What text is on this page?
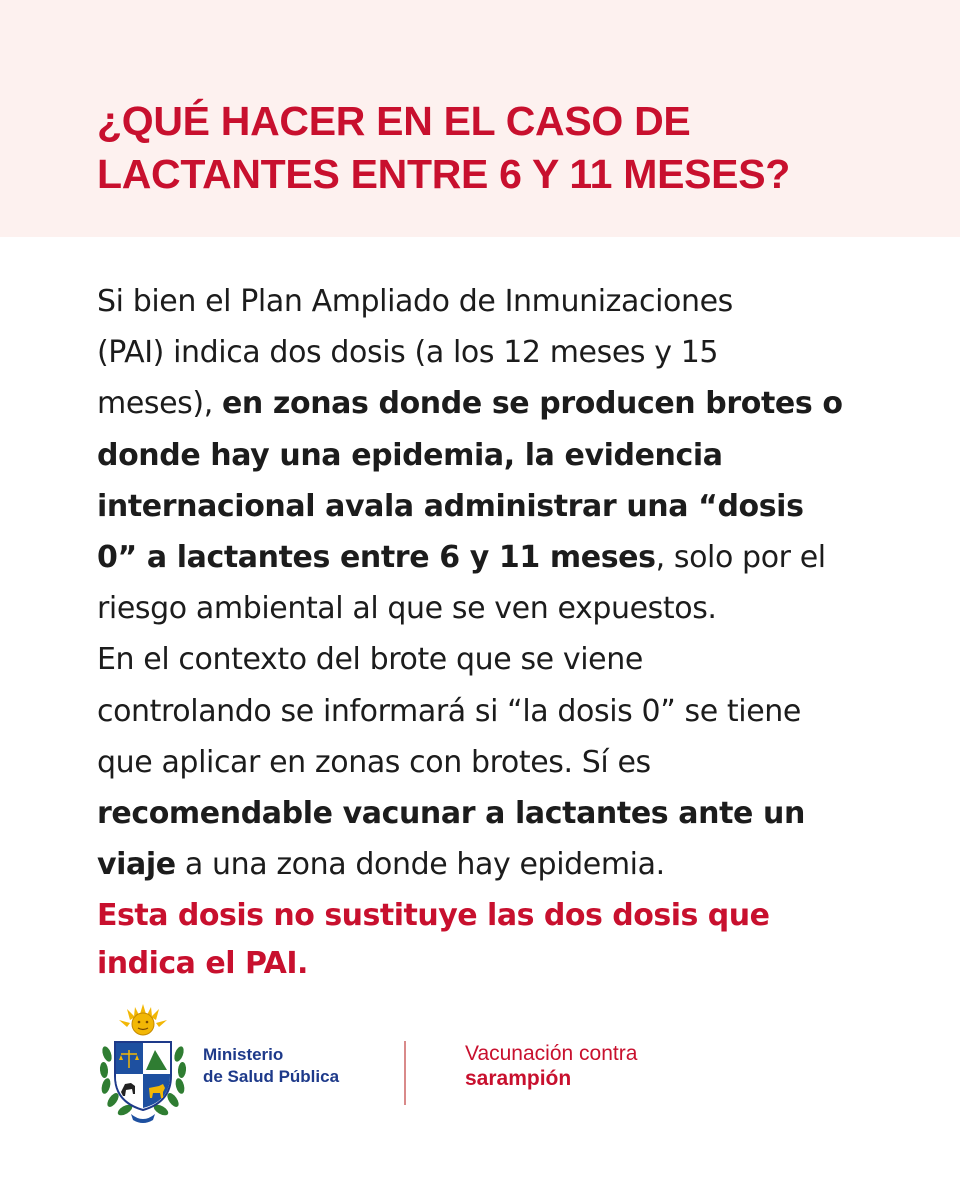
¿QUÉ HACER EN EL CASO DE
LACTANTES ENTRE 6 Y 11 MESES?

Si bien el Plan Ampliado de Inmunizaciones
(PAI) indica dos dosis (a los 12 meses y 15
meses), en zonas donde se producen brotes o
donde hay una epidemia, la evidencia
internacional avala administrar una “dosis
0” a lactantes entre 6 y 11 meses, solo por el
riesgo ambiental al que se ven expuestos.
En el contexto del brote que se viene
controlando se informará si “la dosis 0” se tiene
que aplicar en zonas con brotes. Sí es
recomendable vacunar a lactantes ante un
viaje a una zona donde hay epidemia.

Esta dosis no sustituye las dos dosis que
indica el PAI.

Ministerio
de Salud Pública
Vacunación contra
sarampión
